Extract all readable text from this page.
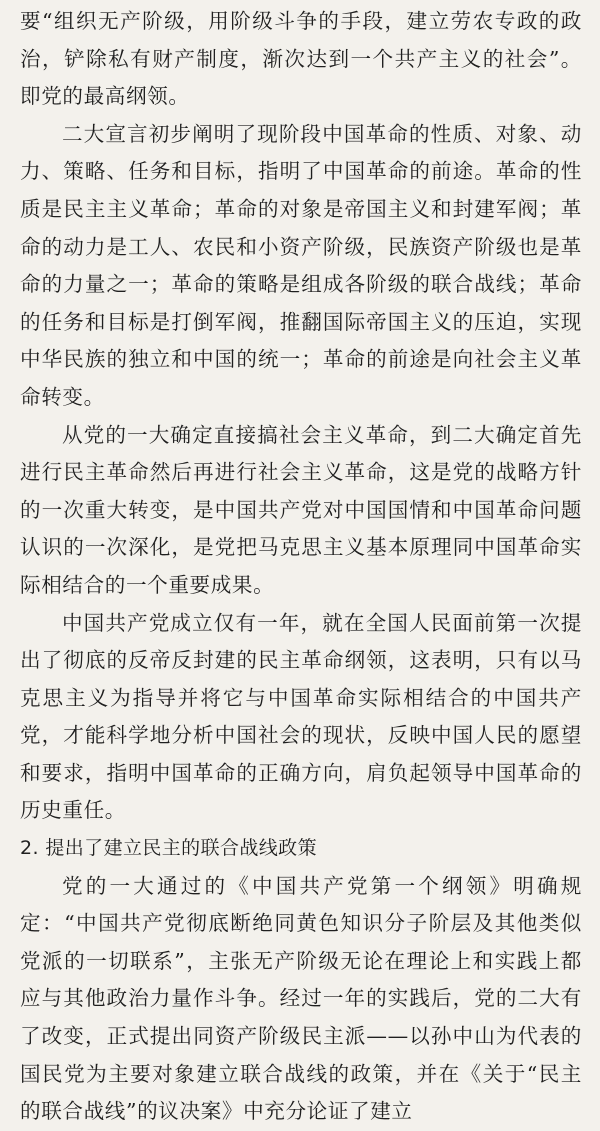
要“组织无产阶级，用阶级斗争的手段，建立劳农专政的政治，铲除私有财产制度，渐次达到一个共产主义的社会”。即党的最高纲领。

二大宣言初步阐明了现阶段中国革命的性质、对象、动力、策略、任务和目标，指明了中国革命的前途。革命的性质是民主主义革命；革命的对象是帝国主义和封建军阀；革命的动力是工人、农民和小资产阶级，民族资产阶级也是革命的力量之一；革命的策略是组成各阶级的联合战线；革命的任务和目标是打倒军阀，推翻国际帝国主义的压迫，实现中华民族的独立和中国的统一；革命的前途是向社会主义革命转变。

从党的一大确定直接搞社会主义革命，到二大确定首先进行民主革命然后再进行社会主义革命，这是党的战略方针的一次重大转变，是中国共产党对中国国情和中国革命问题认识的一次深化，是党把马克思主义基本原理同中国革命实际相结合的一个重要成果。

中国共产党成立仅有一年，就在全国人民面前第一次提出了彻底的反帝反封建的民主革命纲领，这表明，只有以马克思主义为指导并将它与中国革命实际相结合的中国共产党，才能科学地分析中国社会的现状，反映中国人民的愿望和要求，指明中国革命的正确方向，肩负起领导中国革命的历史重任。

2. 提出了建立民主的联合战线政策

党的一大通过的《中国共产党第一个纲领》明确规定：“中国共产党彻底断绝同黄色知识分子阶层及其他类似党派的一切联系”，主张无产阶级无论在理论上和实践上都应与其他政治力量作斗争。经过一年的实践后，党的二大有了改变，正式提出同资产阶级民主派——以孙中山为代表的国民党为主要对象建立联合战线的政策，并在《关于“民主的联合战线”的议决案》中充分论证了建立
